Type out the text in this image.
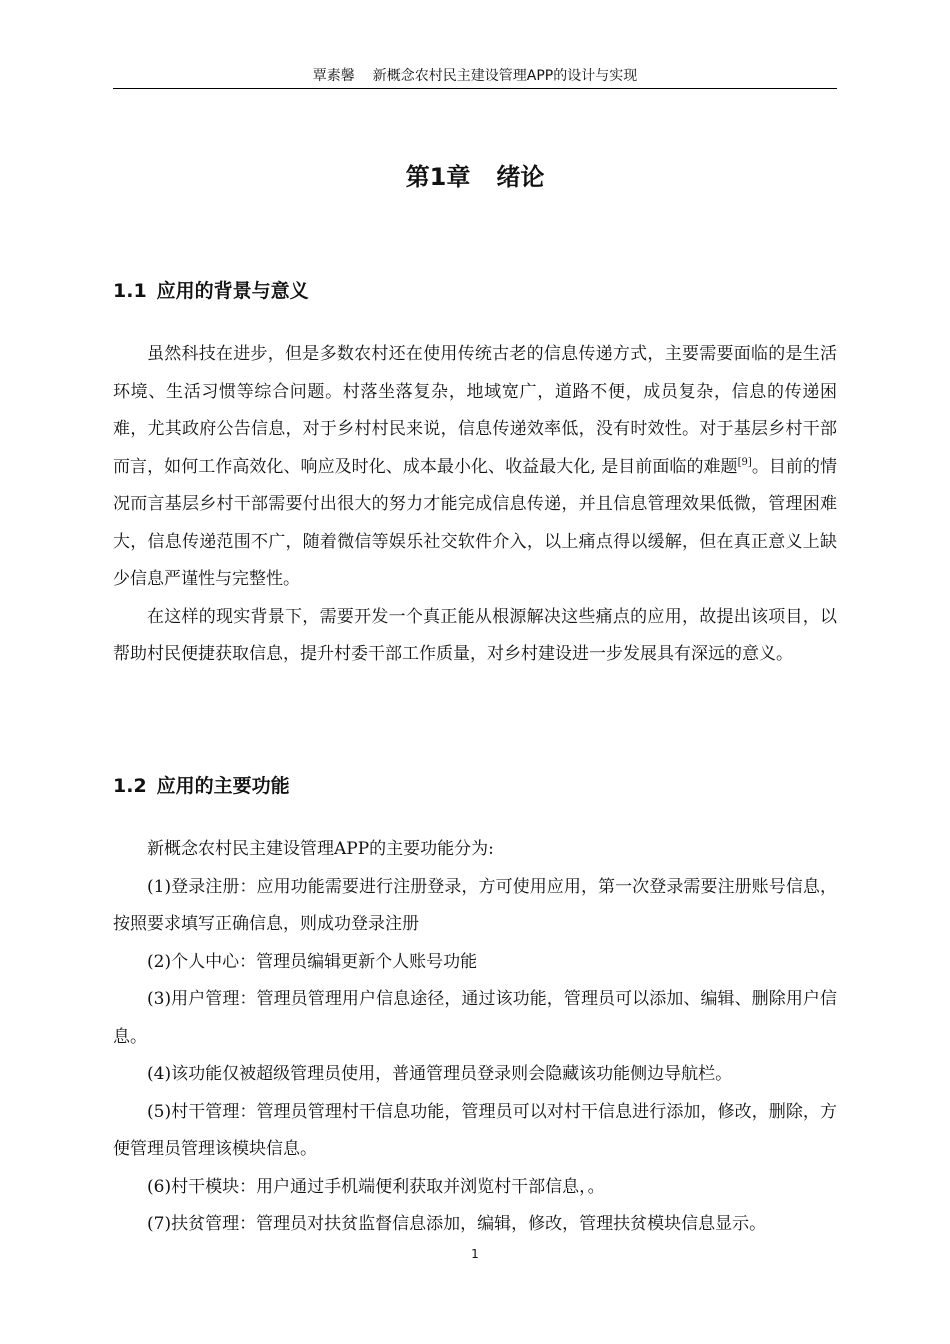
覃素馨 新概念农村民主建设管理APP的设计与实现
第1章 绪论
1.1 应用的背景与意义

虽然科技在进步，但是多数农村还在使用传统古老的信息传递方式，主要需要面临的是生活环境、生活习惯等综合问题。村落坐落复杂，地域宽广，道路不便，成员复杂，信息的传递困难，尤其政府公告信息，对于乡村村民来说，信息传递效率低，没有时效性。对于基层乡村干部而言，如何工作高效化、响应及时化、成本最小化、收益最大化, 是目前面临的难题[9]。目前的情况而言基层乡村干部需要付出很大的努力才能完成信息传递，并且信息管理效果低微，管理困难大，信息传递范围不广，随着微信等娱乐社交软件介入，以上痛点得以缓解，但在真正意义上缺少信息严谨性与完整性。

在这样的现实背景下，需要开发一个真正能从根源解决这些痛点的应用，故提出该项目，以帮助村民便捷获取信息，提升村委干部工作质量，对乡村建设进一步发展具有深远的意义。

1.2 应用的主要功能

新概念农村民主建设管理APP的主要功能分为:

(1)登录注册：应用功能需要进行注册登录，方可使用应用，第一次登录需要注册账号信息，按照要求填写正确信息，则成功登录注册

(2)个人中心：管理员编辑更新个人账号功能

(3)用户管理：管理员管理用户信息途径，通过该功能，管理员可以添加、编辑、删除用户信息。

(4)该功能仅被超级管理员使用，普通管理员登录则会隐藏该功能侧边导航栏。

(5)村干管理：管理员管理村干信息功能，管理员可以对村干信息进行添加，修改，删除，方便管理员管理该模块信息。

(6)村干模块：用户通过手机端便利获取并浏览村干部信息，。

(7)扶贫管理：管理员对扶贫监督信息添加，编辑，修改，管理扶贫模块信息显示。

1
